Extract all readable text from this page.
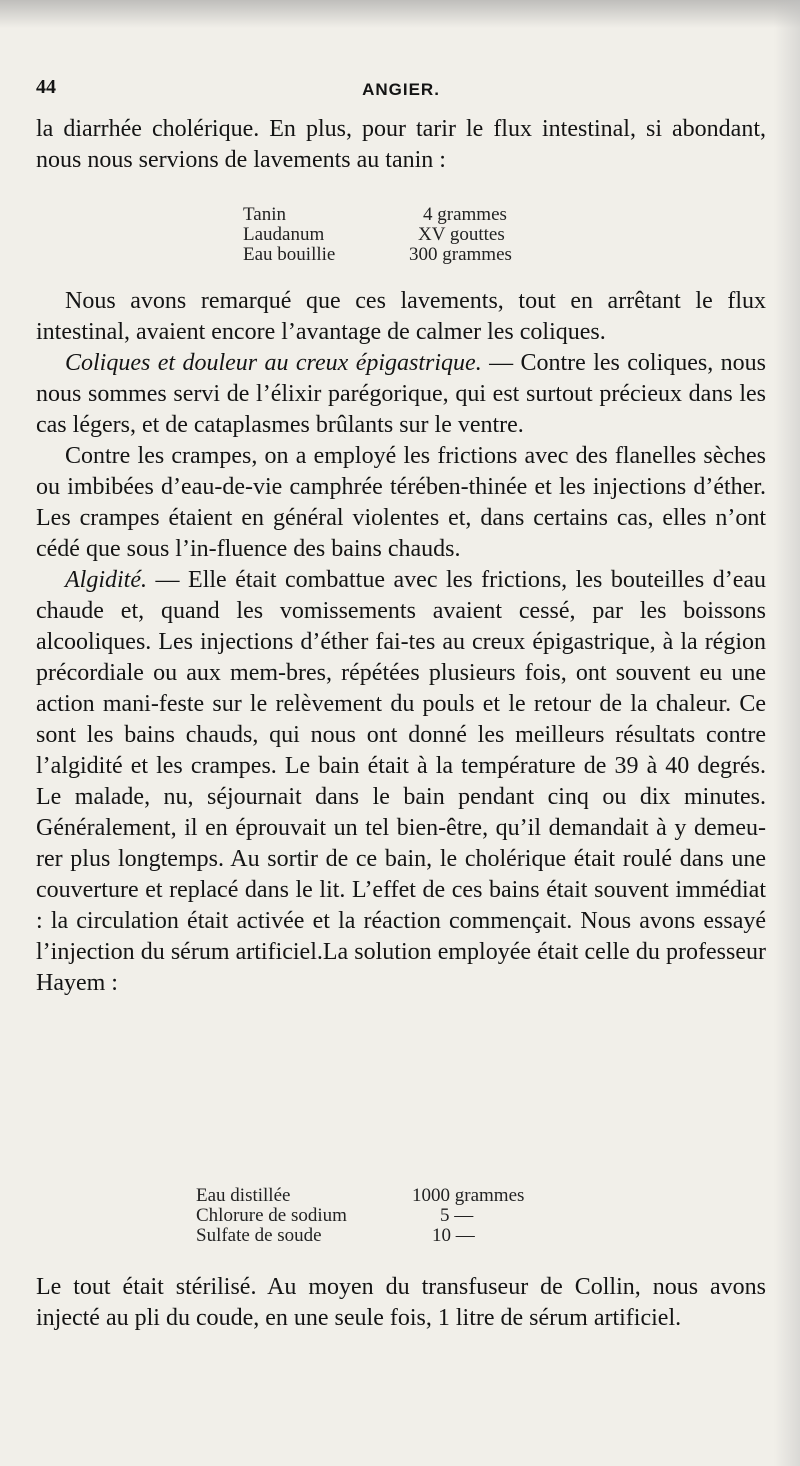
44	ANGIER.

la diarrhée cholérique. En plus, pour tarir le flux intestinal, si abondant, nous nous servions de lavements au tanin :

Tanin	4 grammes
Laudanum	XV gouttes
Eau bouillie	300 grammes

Nous avons remarqué que ces lavements, tout en arrêtant le flux intestinal, avaient encore l’avantage de calmer les coliques.

Coliques et douleur au creux épigastrique. — Contre les coliques, nous nous sommes servi de l’élixir parégorique, qui est surtout précieux dans les cas légers, et de cataplasmes brûlants sur le ventre.

Contre les crampes, on a employé les frictions avec des flanelles sèches ou imbibées d’eau-de-vie camphrée térében-thinée et les injections d’éther. Les crampes étaient en général violentes et, dans certains cas, elles n’ont cédé que sous l’in-fluence des bains chauds.

Algidité. — Elle était combattue avec les frictions, les bouteilles d’eau chaude et, quand les vomissements avaient cessé, par les boissons alcooliques. Les injections d’éther fai-tes au creux épigastrique, à la région précordiale ou aux mem-bres, répétées plusieurs fois, ont souvent eu une action mani-feste sur le relèvement du pouls et le retour de la chaleur. Ce sont les bains chauds, qui nous ont donné les meilleurs résultats contre l’algidité et les crampes. Le bain était à la température de 39 à 40 degrés. Le malade, nu, séjournait dans le bain pendant cinq ou dix minutes. Généralement, il en éprouvait un tel bien-être, qu’il demandait à y demeu-rer plus longtemps. Au sortir de ce bain, le cholérique était roulé dans une couverture et replacé dans le lit. L’effet de ces bains était souvent immédiat : la circulation était activée et la réaction commençait. Nous avons essayé l’injection du sérum artificiel.La solution employée était celle du professeur Hayem :

Eau distillée	1000 grammes
Chlorure de sodium	5 —
Sulfate de soude	10 —

Le tout était stérilisé. Au moyen du transfuseur de Collin, nous avons injecté au pli du coude, en une seule fois, 1 litre de sérum artificiel.
